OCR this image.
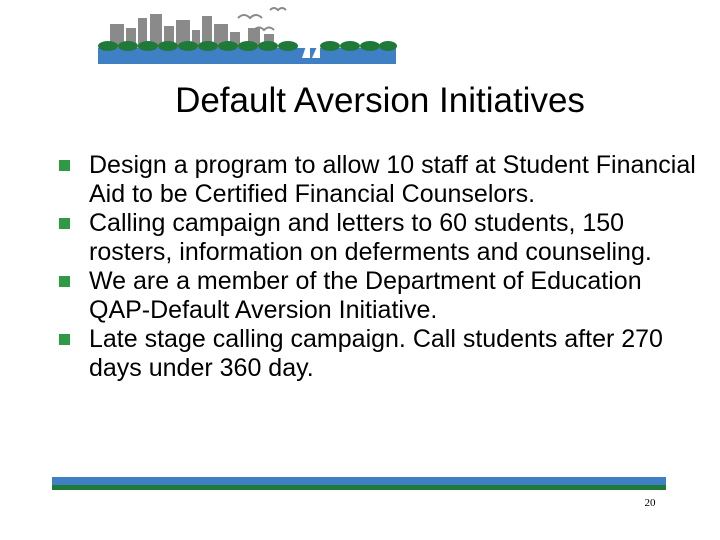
Default Aversion Initiatives
Design a program to allow 10 staff at Student Financial Aid to be Certified Financial Counselors.
Calling campaign and letters to 60 students, 150 rosters, information on deferments and counseling.
We are a member of the Department of Education QAP-Default Aversion Initiative.
Late stage calling campaign. Call students after 270 days under 360 day.
20
